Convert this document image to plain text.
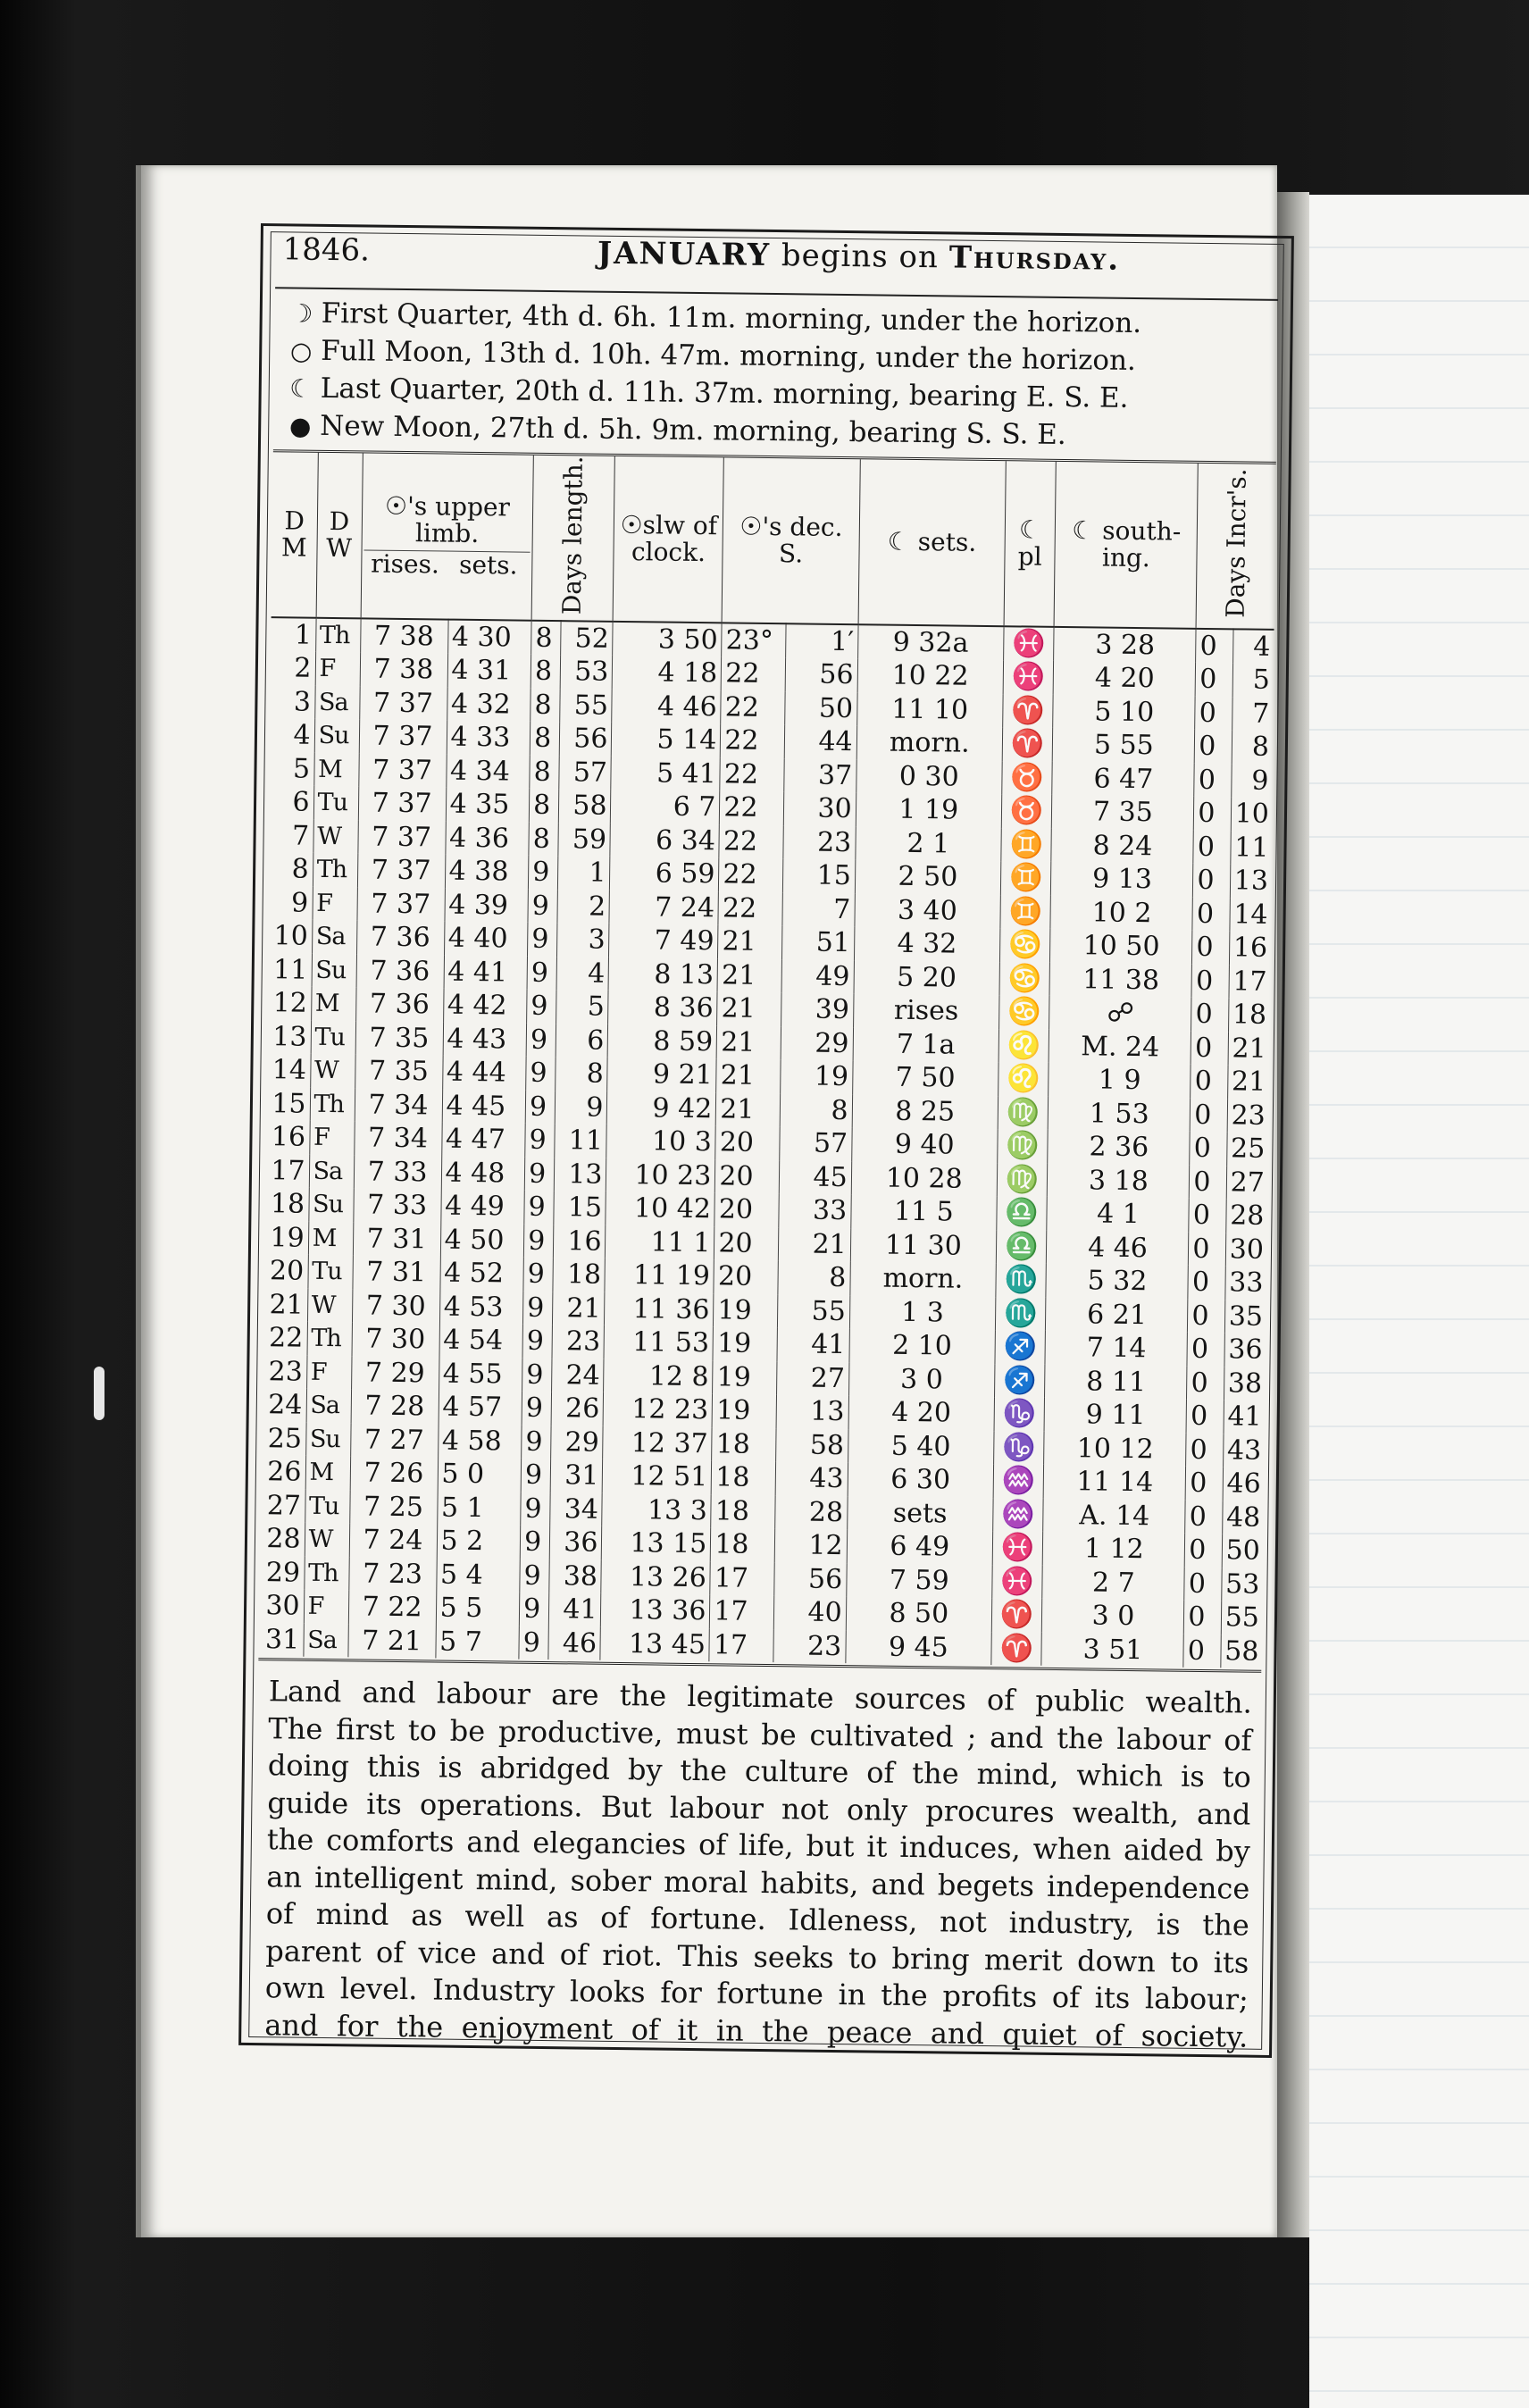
1846.	JANUARY begins on Thursday.
☽ First Quarter, 4th d. 6h. 11m. morning, under the horizon.
○ Full Moon, 13th d. 10h. 47m. morning, under the horizon.
☾ Last Quarter, 20th d. 11h. 37m. morning, bearing E. S. E.
● New Moon, 27th d. 5h. 9m. morning, bearing S. S. E.
D M	D W	☉'s upper limb.
rises. sets.		Days length.		☉slw of clock.	☉'s dec. S.		☾ sets.	☾ pl	☾ south- ing.	Days Incr's.	
1	Th	7 38	4 30	8	52	3 50	23°	1′	9 32a	♓	3 28	0	4
2	F	7 38	4 31	8	53	4 18	22	56	10 22	♓	4 20	0	5
3	Sa	7 37	4 32	8	55	4 46	22	50	11 10	♈	5 10	0	7
4	Su	7 37	4 33	8	56	5 14	22	44	morn.	♈	5 55	0	8
5	M	7 37	4 34	8	57	5 41	22	37	0 30	♉	6 47	0	9
6	Tu	7 37	4 35	8	58	6 7	22	30	1 19	♉	7 35	0	10
7	W	7 37	4 36	8	59	6 34	22	23	2 1	♊	8 24	0	11
8	Th	7 37	4 38	9	1	6 59	22	15	2 50	♊	9 13	0	13
9	F	7 37	4 39	9	2	7 24	22	7	3 40	♊	10 2	0	14
10	Sa	7 36	4 40	9	3	7 49	21	51	4 32	♋	10 50	0	16
11	Su	7 36	4 41	9	4	8 13	21	49	5 20	♋	11 38	0	17
12	M	7 36	4 42	9	5	8 36	21	39	rises	♋	☍	0	18
13	Tu	7 35	4 43	9	6	8 59	21	29	7 1a	♌	M. 24	0	21
14	W	7 35	4 44	9	8	9 21	21	19	7 50	♌	1 9	0	21
15	Th	7 34	4 45	9	9	9 42	21	8	8 25	♍	1 53	0	23
16	F	7 34	4 47	9	11	10 3	20	57	9 40	♍	2 36	0	25
17	Sa	7 33	4 48	9	13	10 23	20	45	10 28	♍	3 18	0	27
18	Su	7 33	4 49	9	15	10 42	20	33	11 5	♎	4 1	0	28
19	M	7 31	4 50	9	16	11 1	20	21	11 30	♎	4 46	0	30
20	Tu	7 31	4 52	9	18	11 19	20	8	morn.	♏	5 32	0	33
21	W	7 30	4 53	9	21	11 36	19	55	1 3	♏	6 21	0	35
22	Th	7 30	4 54	9	23	11 53	19	41	2 10	♐	7 14	0	36
23	F	7 29	4 55	9	24	12 8	19	27	3 0	♐	8 11	0	38
24	Sa	7 28	4 57	9	26	12 23	19	13	4 20	♑	9 11	0	41
25	Su	7 27	4 58	9	29	12 37	18	58	5 40	♑	10 12	0	43
26	M	7 26	5 0	9	31	12 51	18	43	6 30	♒	11 14	0	46
27	Tu	7 25	5 1	9	34	13 3	18	28	sets	♒	A. 14	0	48
28	W	7 24	5 2	9	36	13 15	18	12	6 49	♓	1 12	0	50
29	Th	7 23	5 4	9	38	13 26	17	56	7 59	♓	2 7	0	53
30	F	7 22	5 5	9	41	13 36	17	40	8 50	♈	3 0	0	55
31	Sa	7 21	5 7	9	46	13 45	17	23	9 45	♈	3 51	0	58
Land and labour are the legitimate sources of public wealth.
The first to be productive, must be cultivated ; and the labour of
doing this is abridged by the culture of the mind, which is to
guide its operations. But labour not only procures wealth, and
the comforts and elegancies of life, but it induces, when aided by
an intelligent mind, sober moral habits, and begets independence
of mind as well as of fortune. Idleness, not industry, is the
parent of vice and of riot. This seeks to bring merit down to its
own level. Industry looks for fortune in the profits of its labour;
and for the enjoyment of it in the peace and quiet of society.
